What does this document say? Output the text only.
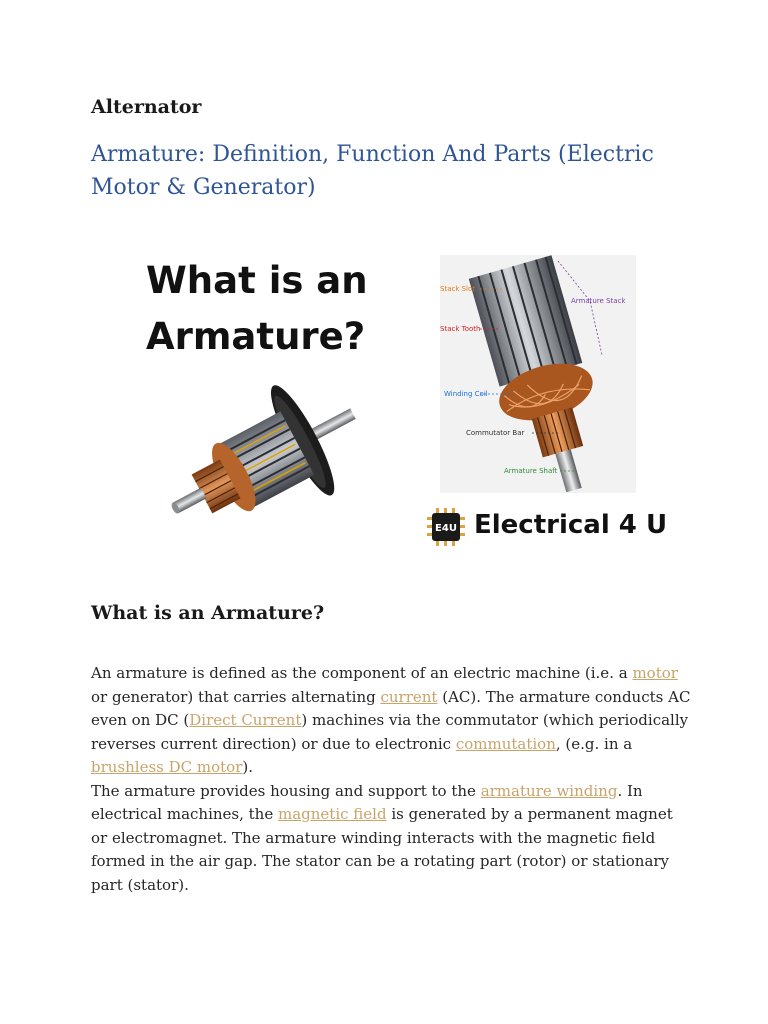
Alternator
Armature: Definition, Function And Parts (Electric Motor & Generator)
What is an Armature?
Stack Slot
Armature Stack
Stack Tooth
Winding Coil
Commutator Bar
Armature Shaft
E4U Electrical 4 U
What is an Armature?
An armature is defined as the component of an electric machine (i.e. a motor or generator) that carries alternating current (AC). The armature conducts AC even on DC (Direct Current) machines via the commutator (which periodically reverses current direction) or due to electronic commutation, (e.g. in a brushless DC motor).
The armature provides housing and support to the armature winding. In electrical machines, the magnetic field is generated by a permanent magnet or electromagnet. The armature winding interacts with the magnetic field formed in the air gap. The stator can be a rotating part (rotor) or stationary part (stator).
